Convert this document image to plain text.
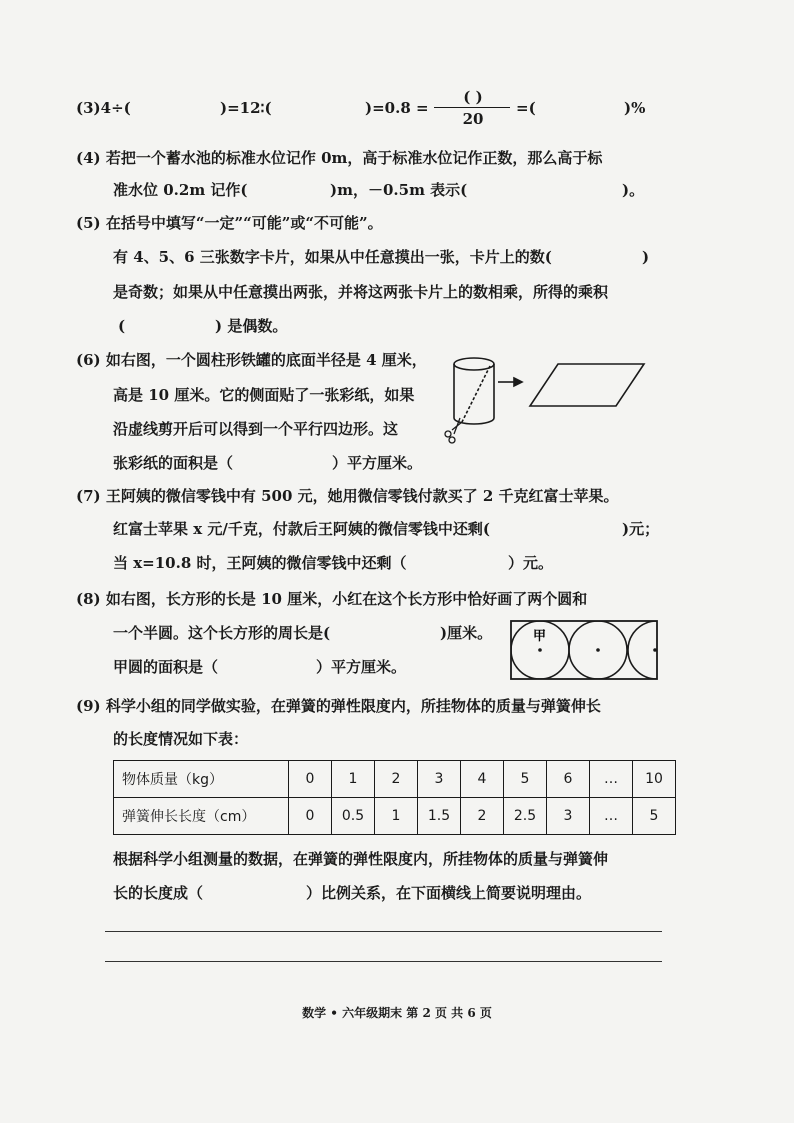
(3)4÷(	)=12∶(	)=0.8 =
( )
20
=(	)%
(4) 若把一个蓄水池的标准水位记作 0m，高于标准水位记作正数，那么高于标
准水位 0.2m 记作(	)m，－0.5m 表示(	)。
(5) 在括号中填写“一定”“可能”或“不可能”。
有 4、5、6 三张数字卡片，如果从中任意摸出一张，卡片上的数(	)
是奇数；如果从中任意摸出两张，并将这两张卡片上的数相乘，所得的乘积
(	) 是偶数。
(6) 如右图，一个圆柱形铁罐的底面半径是 4 厘米，
高是 10 厘米。它的侧面贴了一张彩纸，如果
沿虚线剪开后可以得到一个平行四边形。这
张彩纸的面积是（	）平方厘米。
(7) 王阿姨的微信零钱中有 500 元，她用微信零钱付款买了 2 千克红富士苹果。
红富士苹果 x 元/千克，付款后王阿姨的微信零钱中还剩(	)元；
当 x=10.8 时，王阿姨的微信零钱中还剩（	）元。
(8) 如右图，长方形的长是 10 厘米，小红在这个长方形中恰好画了两个圆和
一个半圆。这个长方形的周长是(	)厘米。
甲圆的面积是（	）平方厘米。
甲
(9) 科学小组的同学做实验，在弹簧的弹性限度内，所挂物体的质量与弹簧伸长
的长度情况如下表：
物体质量（kg）	0	1	2	3	4	5	6	…	10
弹簧伸长长度（cm）	0	0.5	1	1.5	2	2.5	3	…	5
根据科学小组测量的数据，在弹簧的弹性限度内，所挂物体的质量与弹簧伸
长的长度成（	）比例关系，在下面横线上简要说明理由。
数学 • 六年级期末 第 2 页 共 6 页
